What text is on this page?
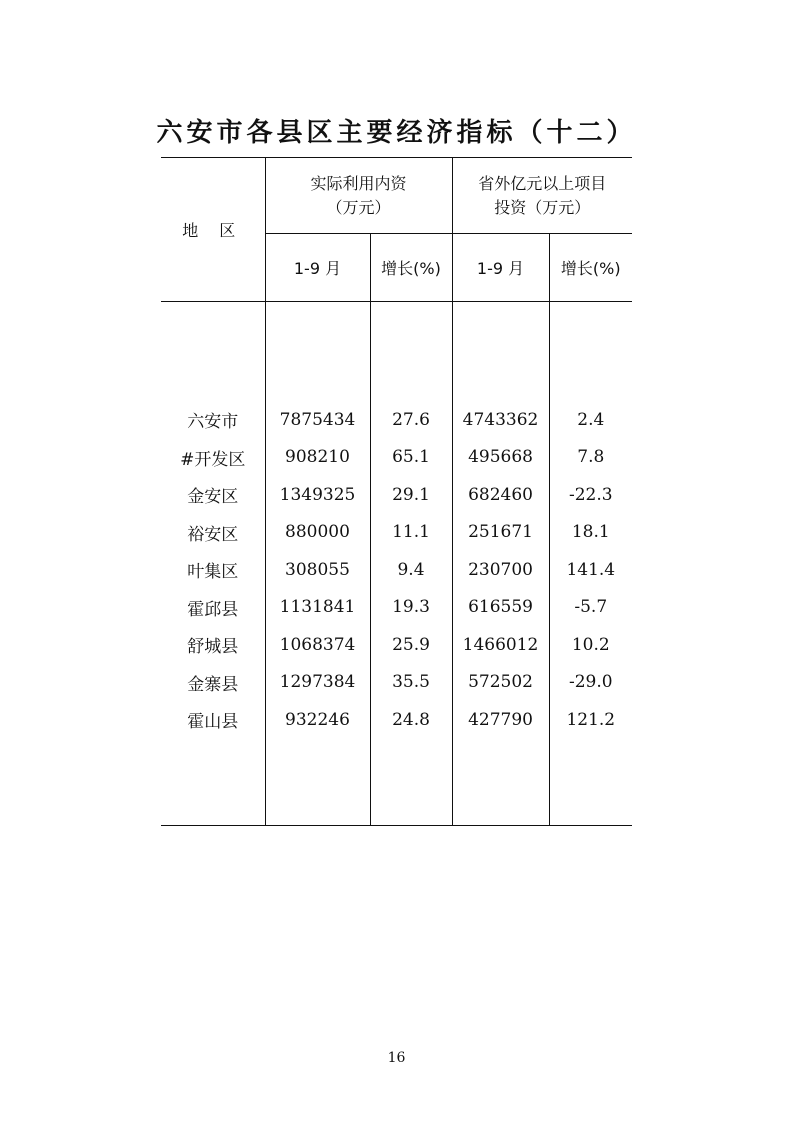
六安市各县区主要经济指标（十二）
地 区	实际利用内资
（万元）		省外亿元以上项目
投资（万元）	

	1-9 月	增长(%)	1-9 月	增长(%)

六安市	7875434	27.6	4743362	2.4
#开发区	908210	65.1	495668	7.8
金安区	1349325	29.1	682460	-22.3
裕安区	880000	11.1	251671	18.1
叶集区	308055	9.4	230700	141.4
霍邱县	1131841	19.3	616559	-5.7
舒城县	1068374	25.9	1466012	10.2
金寨县	1297384	35.5	572502	-29.0
霍山县	932246	24.8	427790	121.2

16
